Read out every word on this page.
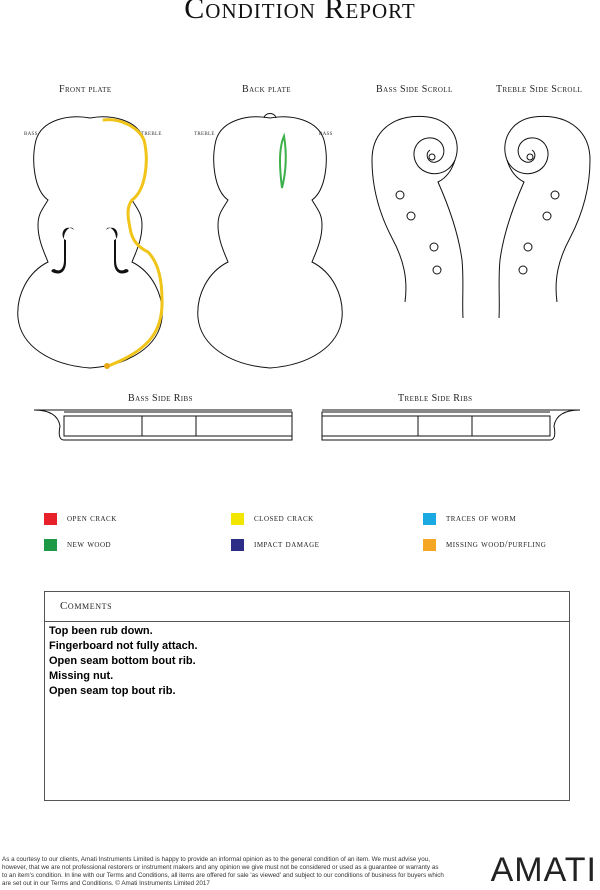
Condition Report
Front plate	Back plate	Bass Side Scroll	Treble Side Scroll
Bass Side Ribs	Treble Side Ribs
bass	treble	treble	bass
open crack	closed crack	traces of worm
new wood	impact damage	missing wood/purfling
Comments
Top been rub down.
Fingerboard not fully attach.
Open seam bottom bout rib.
Missing nut.
Open seam top bout rib.
As a courtesy to our clients, Amati Instruments Limited is happy to provide an informal opinion as to the general condition of an item. We must advise you, however, that we are not professional restorers or instrument makers and any opinion we give must not be considered or used as a guarantee or warranty as to an item's condition. In line with our Terms and Conditions, all items are offered for sale 'as viewed' and subject to our conditions of business for buyers which are set out in our Terms and Conditions. © Amati Instruments Limited 2017	AMATI
